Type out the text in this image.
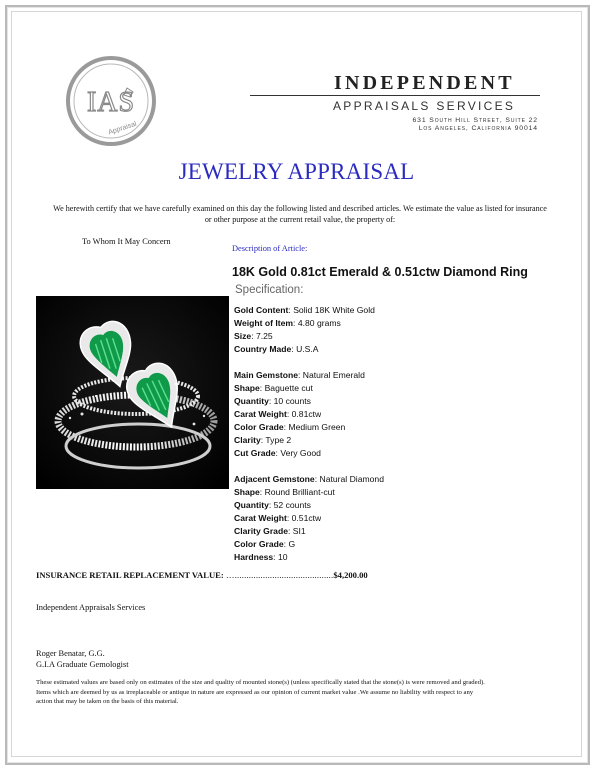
IAS
Appraisal
INDEPENDENT
APPRAISALS SERVICES
631 South Hill Street, Suite 22
Los Angeles, California 90014
JEWELRY APPRAISAL
We herewith certify that we have carefully examined on this day the following listed and described articles. We estimate the value as listed for insurance or other purpose at the current retail value, the property of:
To Whom It May Concern
Description of Article:
18K Gold 0.81ct Emerald & 0.51ctw Diamond Ring
Specification:
Gold Content: Solid 18K White Gold
Weight of Item: 4.80 grams
Size: 7.25
Country Made: U.S.A
Main Gemstone: Natural Emerald
Shape: Baguette cut
Quantity: 10 counts
Carat Weight: 0.81ctw
Color Grade: Medium Green
Clarity: Type 2
Cut Grade: Very Good
Adjacent Gemstone: Natural Diamond
Shape: Round Brilliant-cut
Quantity: 52 counts
Carat Weight: 0.51ctw
Clarity Grade: SI1
Color Grade: G
Hardness: 10
INSURANCE RETAIL REPLACEMENT VALUE: …..........................................$4,200.00
Independent Appraisals Services
Roger Benatar, G.G.
G.I.A Graduate Gemologist
These estimated values are based only on estimates of the size and quality of mounted stone(s) (unless specifically stated that the stone(s) is were removed and graded). Items which are deemed by us as irreplaceable or antique in nature are expressed as our opinion of current market value .We assume no liability with respect to any action that may be taken on the basis of this material.
